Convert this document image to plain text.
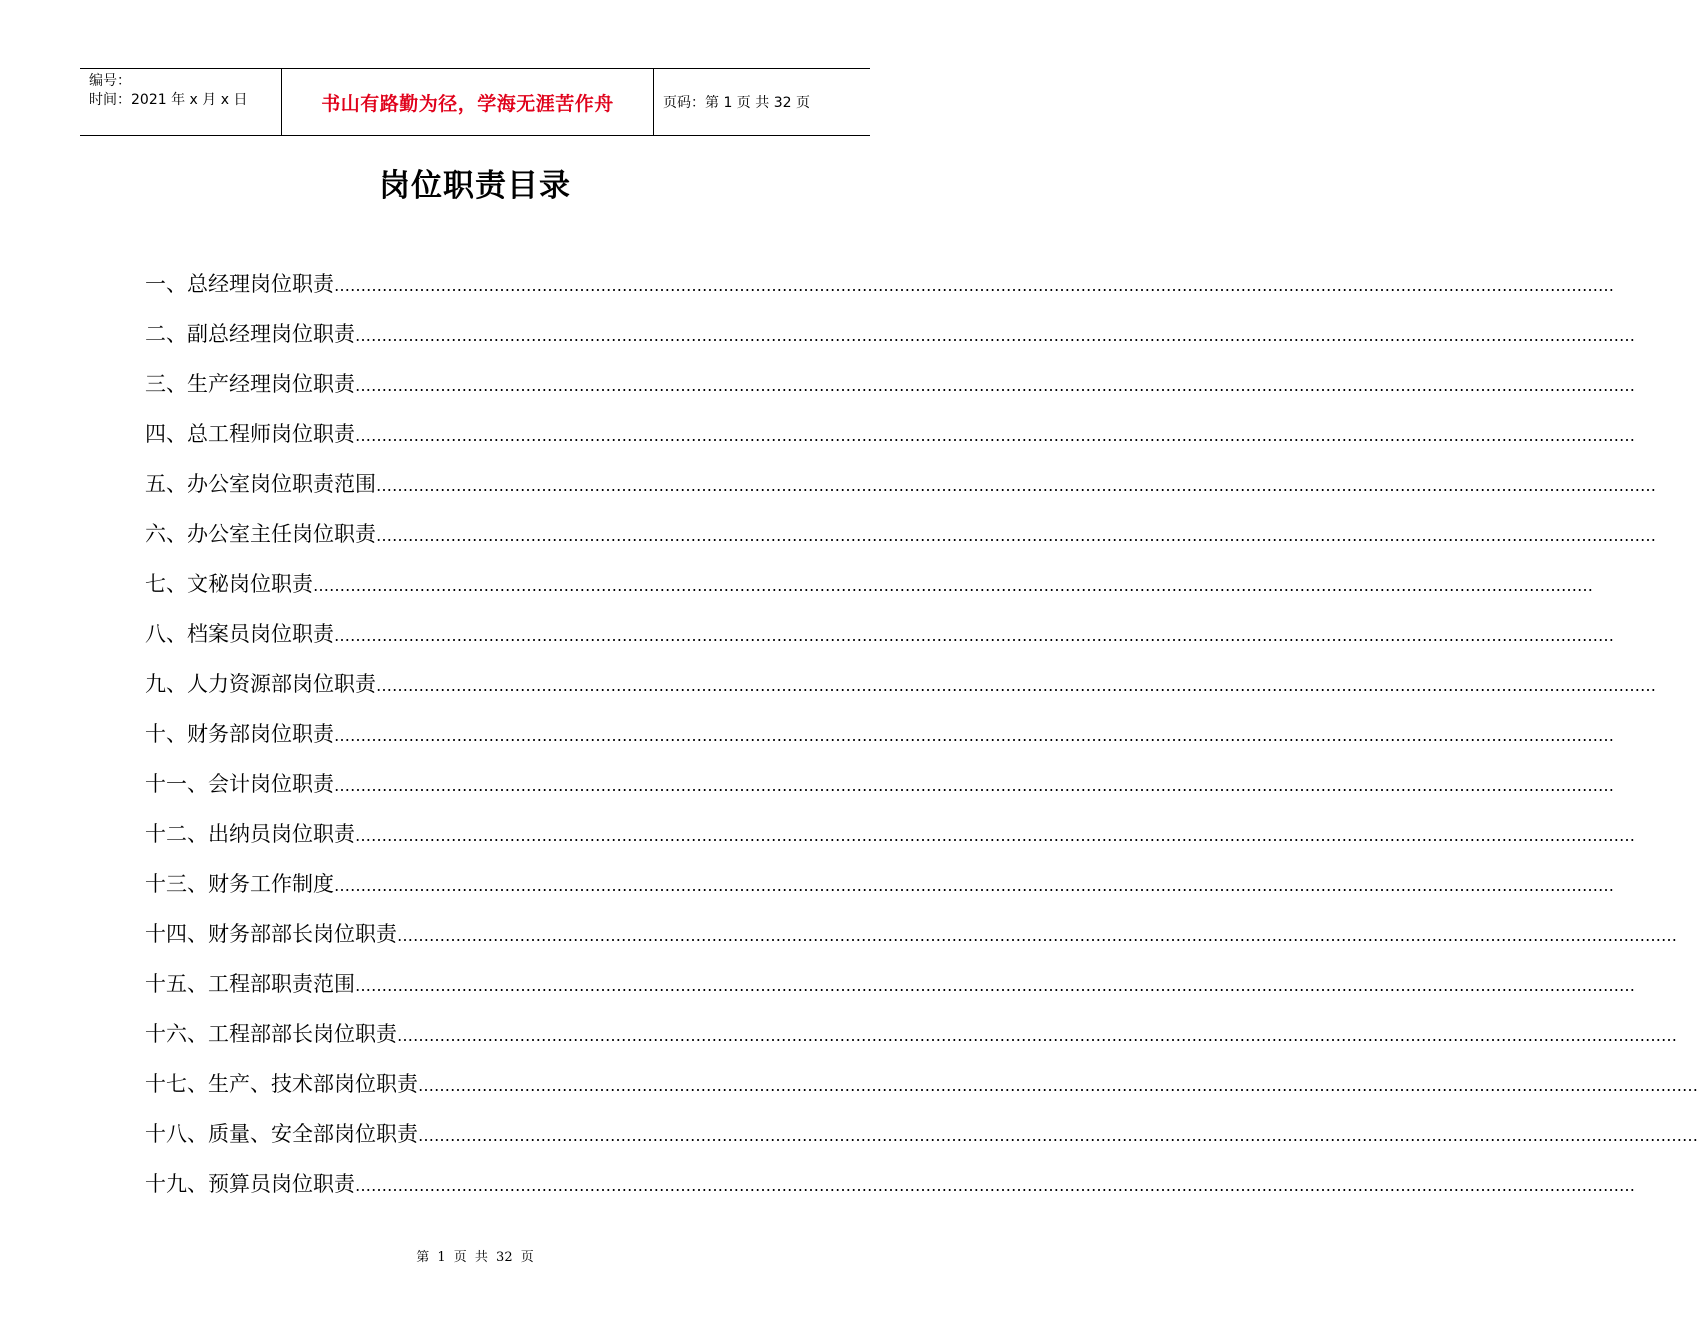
编号：
时间：2021 年 x 月 x 日	书山有路勤为径，学海无涯苦作舟	页码：第 1 页 共 32 页
岗位职责目录
一、总经理岗位职责 ……………………………………………………………………………………………………………………………………………………………………………………………………………………
二、副总经理岗位职责 ……………………………………………………………………………………………………………………………………………………………………………………………………………………
三、生产经理岗位职责 ……………………………………………………………………………………………………………………………………………………………………………………………………………………
四、总工程师岗位职责 ……………………………………………………………………………………………………………………………………………………………………………………………………………………
五、办公室岗位职责范围 ……………………………………………………………………………………………………………………………………………………………………………………………………………………
六、办公室主任岗位职责 ……………………………………………………………………………………………………………………………………………………………………………………………………………………
七、文秘岗位职责 ……………………………………………………………………………………………………………………………………………………………………………………………………………………
八、档案员岗位职责 ……………………………………………………………………………………………………………………………………………………………………………………………………………………
九、人力资源部岗位职责 ……………………………………………………………………………………………………………………………………………………………………………………………………………………
十、财务部岗位职责 ……………………………………………………………………………………………………………………………………………………………………………………………………………………
十一、会计岗位职责 ……………………………………………………………………………………………………………………………………………………………………………………………………………………
十二、出纳员岗位职责 ……………………………………………………………………………………………………………………………………………………………………………………………………………………
十三、财务工作制度 ……………………………………………………………………………………………………………………………………………………………………………………………………………………
十四、财务部部长岗位职责 ……………………………………………………………………………………………………………………………………………………………………………………………………………………
十五、工程部职责范围 ……………………………………………………………………………………………………………………………………………………………………………………………………………………
十六、工程部部长岗位职责 ……………………………………………………………………………………………………………………………………………………………………………………………………………………
十七、生产、技术部岗位职责 ……………………………………………………………………………………………………………………………………………………………………………………………………………………
十八、质量、安全部岗位职责 ……………………………………………………………………………………………………………………………………………………………………………………………………………………
十九、预算员岗位职责 ……………………………………………………………………………………………………………………………………………………………………………………………………………………
第 1 页 共 32 页
